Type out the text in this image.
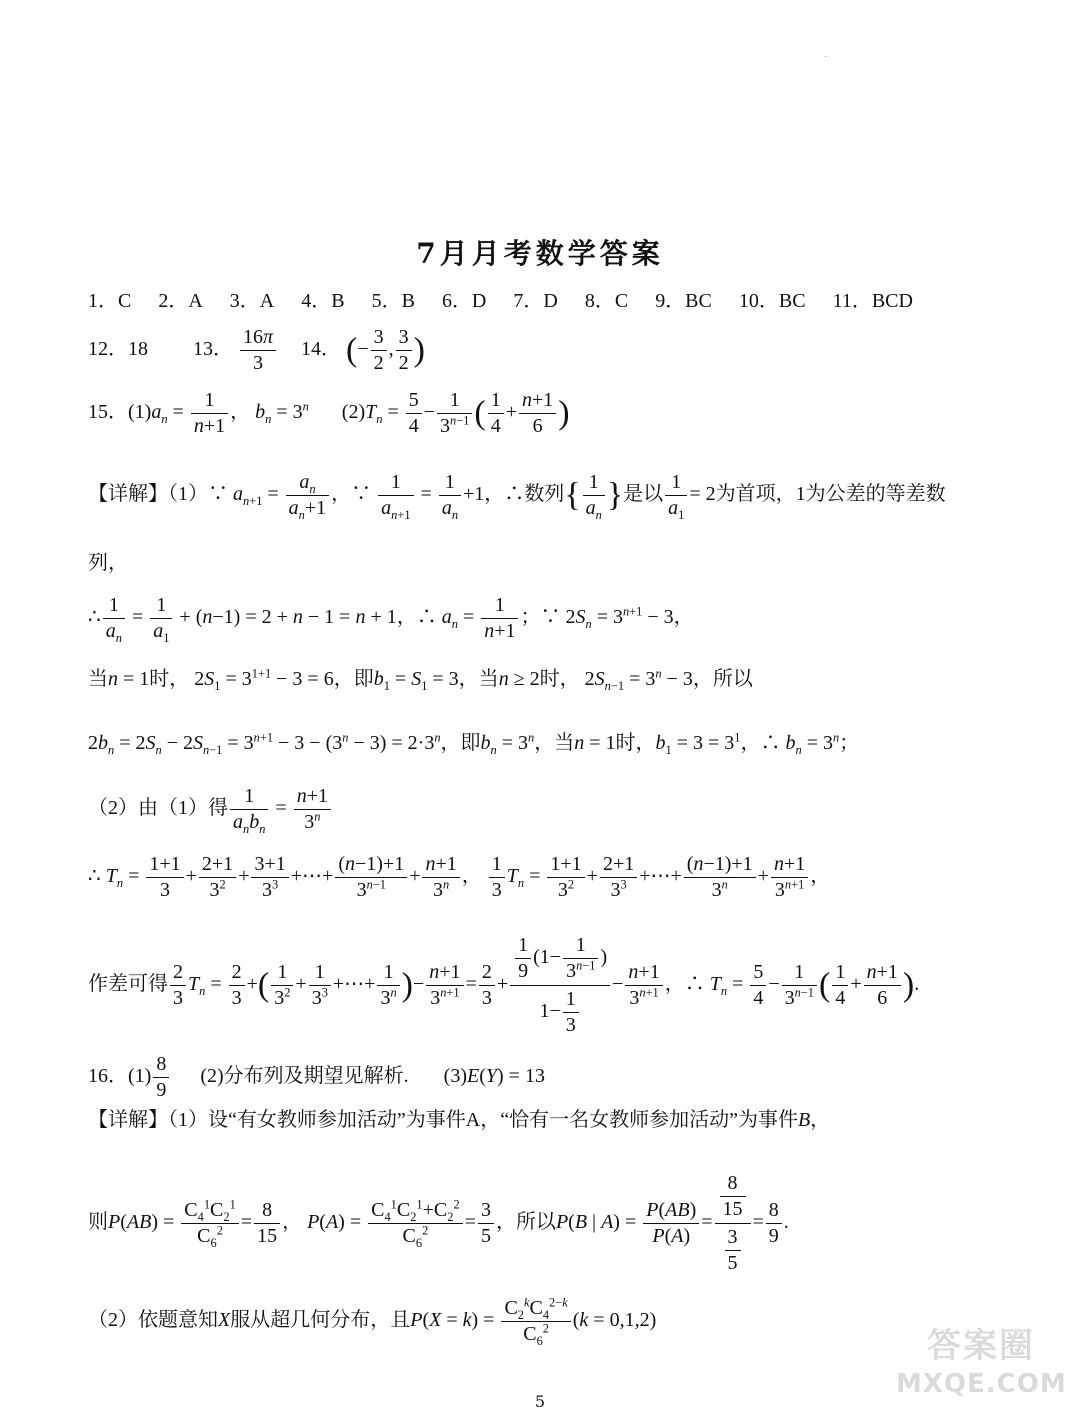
·
7月月考数学答案
1．C 2．A 3．A 4．B 5．B 6．D 7．D 8．C 9．BC 10．BC 11．BCD
12．18 13． $\frac{16\pi}{3} 14$． (− $\frac{3}{2}$ , $\frac{3}{2}$ )
15．$(1)a_n = \frac{1}{n+1}$ ， $b_n = 3^n$ $(2)T_n = \frac{5}{4} - \frac{1}{3^{n-1}}$ ( $\frac{1}{4} + \frac{n+1}{6}$ )
【详解】（1）∵ $a_{n+1} = \frac{a_n}{a_n+1}$ ，∵ $\frac{1}{a_{n+1}} = \frac{1}{a_n} +1$，∴数列{ $\frac{1}{a_n}$ }是以 $\frac{1}{a_1} = 2$为首项，1为公差的等差数
列，
∴ $\frac{1}{a_n} = \frac{1}{a_1} + (n-1) = 2 + n - 1 = n + 1$，∴ $a_n = \frac{1}{n+1}$ ；∵ $2S_n = 3^{n+1} - 3$，
当n = 1时， $2S_1 = 3^{1+1} - 3 = 6$，即$b_1 = S_1 = 3$，当n ≥ 2时， $2S_{n-1} = 3^n - 3$，所以
$2b_n = 2S_n - 2S_{n-1} = 3^{n+1} - 3 - (3^n - 3) = 2\cdot 3^n$，即$b_n = 3^n$，当n = 1时，$b_1 = 3 = 3^1$，∴ $b_n = 3^n$；
（2）由（1）得 $\frac{1}{a_nb_n} = \frac{n+1}{3^n}$
∴ $T_n = \frac{1+1}{3} + \frac{2+1}{3^2} + \frac{3+1}{3^3}$ +⋯+ $\frac{(n-1)+1}{3^{n-1}} + \frac{n+1}{3^n}$ ， $\frac{1}{3} T_n = \frac{1+1}{3^2} + \frac{2+1}{3^3}$ +⋯+ $\frac{(n-1)+1}{3^n} + \frac{n+1}{3^{n+1}}$ ，
作差可得 $\frac{2}{3} T_n = \frac{2}{3}$ +( $\frac{1}{3^2} + \frac{1}{3^3}$ +⋯+ $\frac{1}{3^n}$ )− $\frac{n+1}{3^{n+1}} = \frac{2}{3} + \frac{\frac{1}{9} (1- \frac{1}{3^{n-1}} )}{1- \frac{1}{3}} - \frac{n+1}{3^{n+1}}$ ，∴ $T_n = \frac{5}{4} - \frac{1}{3^{n-1}}$ ( $\frac{1}{4} + \frac{n+1}{6}$ ).
16．$(1) \frac{8}{9} (2)$分布列及期望见解析. (3)E(Y) = 13
【详解】（1）设“有女教师参加活动”为事件A，“恰有一名女教师参加活动”为事件B，
则$P(AB) = \frac{C_4^1C_2^1}{C_6^2} = \frac{8}{15}$ ， $P(A) = \frac{C_4^1C_2^1+C_2^2}{C_6^2} = \frac{3}{5}$ ，所以P(B | $A) = \frac{P(AB)}{P(A)} = \frac{\frac{8}{15}}{\frac{3}{5}} = \frac{8}{9}$ .
（2）依题意知X服从超几何分布，且$P(X = k) = \frac{C_2^kC_4^{2-k}}{C_6^2} (k = 0,1,2)$
答案圈
MXQE.COM
5
